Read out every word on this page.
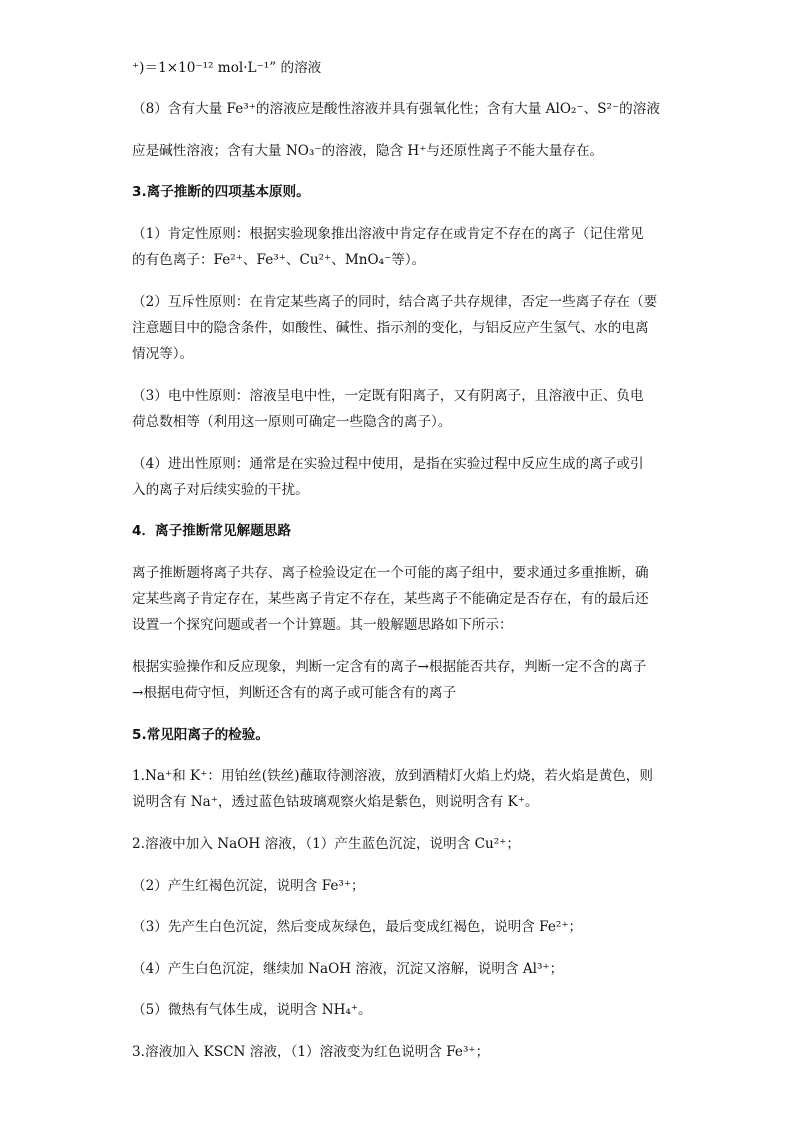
⁺)＝1×10⁻¹² mol·L⁻¹” 的溶液
（8）含有大量 Fe³⁺的溶液应是酸性溶液并具有强氧化性；含有大量 AlO₂⁻、S²⁻的溶液
应是碱性溶液；含有大量 NO₃⁻的溶液，隐含 H⁺与还原性离子不能大量存在。
3.离子推断的四项基本原则。
（1）肯定性原则：根据实验现象推出溶液中肯定存在或肯定不存在的离子（记住常见
的有色离子：Fe²⁺、Fe³⁺、Cu²⁺、MnO₄⁻等）。
（2）互斥性原则：在肯定某些离子的同时，结合离子共存规律，否定一些离子存在（要
注意题目中的隐含条件，如酸性、碱性、指示剂的变化，与铝反应产生氢气、水的电离
情况等）。
（3）电中性原则：溶液呈电中性，一定既有阳离子，又有阴离子，且溶液中正、负电
荷总数相等（利用这一原则可确定一些隐含的离子）。
（4）进出性原则：通常是在实验过程中使用，是指在实验过程中反应生成的离子或引
入的离子对后续实验的干扰。
4．离子推断常见解题思路
离子推断题将离子共存、离子检验设定在一个可能的离子组中，要求通过多重推断，确
定某些离子肯定存在，某些离子肯定不存在，某些离子不能确定是否存在，有的最后还
设置一个探究问题或者一个计算题。其一般解题思路如下所示：
根据实验操作和反应现象，判断一定含有的离子→根据能否共存，判断一定不含的离子
→根据电荷守恒，判断还含有的离子或可能含有的离子
5.常见阳离子的检验。
1.Na⁺和 K⁺：用铂丝(铁丝)蘸取待测溶液，放到酒精灯火焰上灼烧，若火焰是黄色，则
说明含有 Na⁺，透过蓝色钴玻璃观察火焰是紫色，则说明含有 K⁺。
2.溶液中加入 NaOH 溶液，（1）产生蓝色沉淀，说明含 Cu²⁺；
（2）产生红褐色沉淀，说明含 Fe³⁺；
（3）先产生白色沉淀，然后变成灰绿色，最后变成红褐色，说明含 Fe²⁺；
（4）产生白色沉淀，继续加 NaOH 溶液，沉淀又溶解，说明含 Al³⁺；
（5）微热有气体生成，说明含 NH₄⁺。
3.溶液加入 KSCN 溶液，（1）溶液变为红色说明含 Fe³⁺；
